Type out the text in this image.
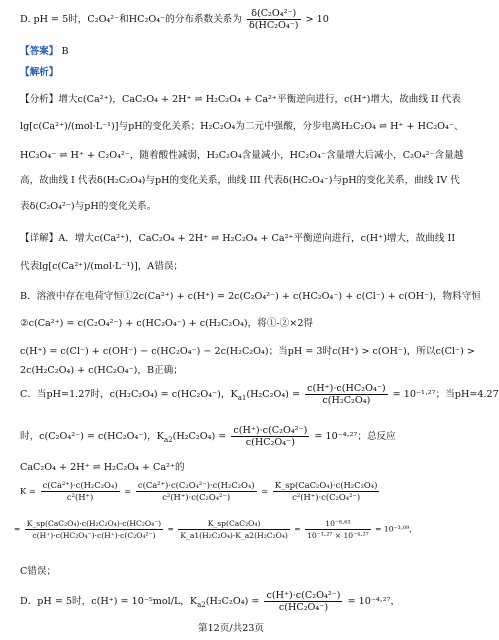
D. pH = 5时，C₂O₄²⁻和HC₂O₄⁻的分布系数关系为 $\frac{\text{δ(C₂O₄²⁻)}}{\text{δ(HC₂O₄⁻)}} > 10$
【答案】 B
【解析】
【分析】增大c(Ca²⁺)，CaC₂O₄ + 2H⁺ ⇌ H₂C₂O₄ + Ca²⁺平衡逆向进行，c(H⁺)增大，故曲线 II 代表
lg[c(Ca²⁺)/(mol·L⁻¹)]与pH的变化关系；H₂C₂O₄为二元中强酸，分步电离H₂C₂O₄ ⇌ H⁺ + HC₂O₄⁻、
HC₂O₄⁻ ⇌ H⁺ + C₂O₄²⁻，随着酸性减弱，H₂C₂O₄含量减小，HC₂O₄⁻含量增大后减小，C₂O₄²⁻含量越
高，故曲线 I 代表δ(H₂C₂O₄)与pH的变化关系，曲线 III 代表δ(HC₂O₄⁻)与pH的变化关系，曲线 IV 代
表δ(C₂O₄²⁻)与pH的变化关系。
【详解】A．增大c(Ca²⁺)，CaC₂O₄ + 2H⁺ ⇌ H₂C₂O₄ + Ca²⁺平衡逆向进行，c(H⁺)增大，故曲线 II
代表lg[c(Ca²⁺)/(mol·L⁻¹)]，A错误；
B．溶液中存在电荷守恒①2c(Ca²⁺) + c(H⁺) = 2c(C₂O₄²⁻) + c(HC₂O₄⁻) + c(Cl⁻) + c(OH⁻)，物料守恒
②c(Ca²⁺) = c(C₂O₄²⁻) + c(HC₂O₄⁻) + c(H₂C₂O₄)，将①-②×2得
c(H⁺) = c(Cl⁻) + c(OH⁻) − c(HC₂O₄⁻) − 2c(H₂C₂O₄)；当pH = 3时c(H⁺) > c(OH⁻)，所以c(Cl⁻) >
2c(H₂C₂O₄) + c(HC₂O₄⁻)，B正确；
C．当pH=1.27时，c(H₂C₂O₄) = c(HC₂O₄⁻)，$K_{a1}(H_2C_2O_4) = \frac{\text{c(H⁺)·c(HC₂O₄⁻)}}{\text{c(H₂C₂O₄)}} = 10^{-1}\cdot^{27}$；当pH=4.27
时，c(C₂O₄²⁻) = c(HC₂O₄⁻)，$K_{a2}(H_2C_2O_4) = \frac{\text{c(H⁺)·c(C₂O₄²⁻)}}{\text{c(HC₂O₄⁻)}} = 10^{-4}\cdot^{27}$；总反应
CaC₂O₄ + 2H⁺ ⇌ H₂C₂O₄ + Ca²⁺的
$K = \frac{\text{c(Ca²⁺)·c(H₂C₂O₄)}}{\text{c²(H⁺)}} = \frac{\text{c(Ca²⁺)·c(C₂O₄²⁻)·c(H₂C₂O₄)}}{\text{c²(H⁺)·c(C₂O₄²⁻)}} = \frac{\text{K\_sp(CaC₂O₄)·c(H₂C₂O₄)}}{\text{c²(H⁺)·c(C₂O₄²⁻)}}$
= $\frac{\text{K\_sp(CaC₂O₄)·c(H₂C₂O₄)·c(HC₂O₄⁻)}}{\text{c(H⁺)·c(HC₂O₄⁻)·c(H⁺)·c(C₂O₄²⁻)}} = \frac{\text{K\_sp(CaC₂O₄)}}{\text{K\_a1(H₂C₂O₄)·K\_a2(H₂C₂O₄)}} = \frac{\text{10⁻⁸·⁶³}}{\text{10⁻¹·²⁷ × 10⁻⁴·²⁷}} = 10^{-3}\cdot^{09}$，
C错误；
D．pH = 5时，c(H⁺) = 10⁻⁵mol/L，$K_{a2}(H_2C_2O_4) = \frac{\text{c(H⁺)·c(C₂O₄²⁻)}}{\text{c(HC₂O₄⁻)}} = 10^{-4}\cdot^{27}$，
第12页/共23页
